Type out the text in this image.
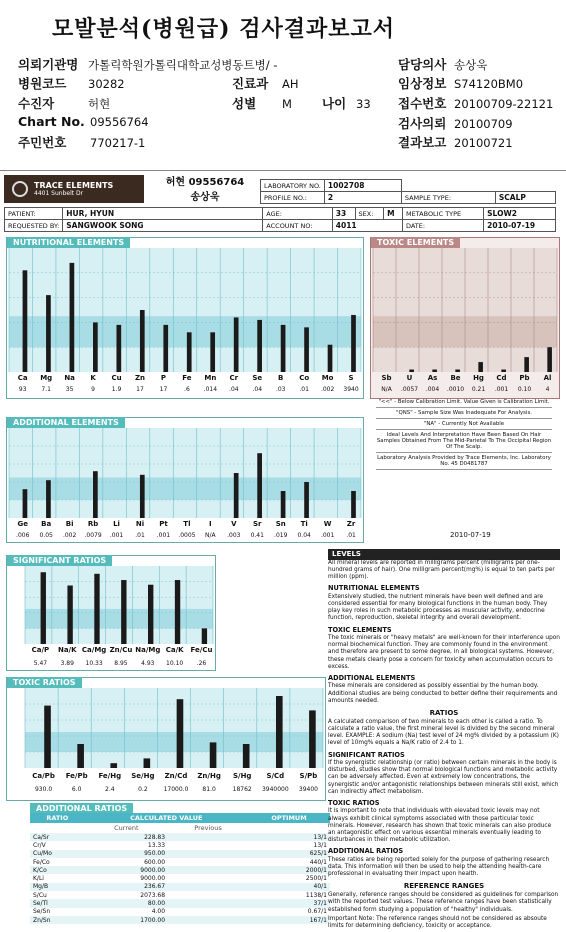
모발분석(병원급) 검사결과보고서
의뢰기관명 가톨릭학원가톨릭대학교성병동트병/ -	담당의사 송상욱
병원코드 30282	진료과 AH	임상정보 S74120BM0
수진자	허현	성별 M 나이 33 접수번호 20100709-22121
Chart No. 09556764	검사의뢰 20100709
주민번호 770217-1	결과보고 20100721
TRACE ELEMENTS
4401 Sunbelt Dr
허현 09556764
송상욱
LABORATORY NO.	1002708		
PROFILE NO.:	2	SAMPLE TYPE:	SCALP
PATIENT:	HUR, HYUN	AGE:	33	SEX:	M	METABOLIC TYPE	SLOW2
REQUESTED BY:	SANGWOOK SONG	ACCOUNT NO:	4011			DATE:	2010-07-19
NUTRITIONAL ELEMENTS
Ca	Mg	Na	K	Cu	Zn	P	Fe	Mn	Cr	Se	B	Co	Mo	S
93	7.1	35	9	1.9	17	17	.6	.014	.04	.04	.03	.01	.002	3940
TOXIC ELEMENTS
Sb	U	As	Be	Hg	Cd	Pb	Al
N/A	.0057	.004	.0010	0.21	.001	0.10	4
ADDITIONAL ELEMENTS
Ge	Ba	Bi	Rb	Li	Ni	Pt	Tl	I	V	Sr	Sn	Ti	W	Zr
.006	0.05	.002	.0079	.001	.01	.001	.0005	N/A	.003	0.41	.019	0.04	.001	.01
"<<" - Below Calibration Limit. Value Given is Calibration Limit.
"QNS" - Sample Size Was Inadequate For Analysis.
"NA" - Currently Not Available
Ideal Levels And Interpretation Have Been Based On Hair Samples Obtained From The Mid-Parietal To The Occipital Region Of The Scalp.
Laboratory Analysis Provided by Trace Elements, Inc. Laboratory No. 45 D0481787
2010-07-19
SIGNIFICANT RATIOS
Ca/P	Na/K Ca/Mg Zn/Cu Na/Mg Ca/K Fe/Cu
5.47	3.89	10.33	8.95	4.93	10.10	.26
TOXIC RATIOS
Ca/Pb	Fe/Pb	Fe/Hg	Se/Hg	Zn/Cd	Zn/Hg	S/Hg	S/Cd	S/Pb
930.0	6.0	2.4	0.2	17000.0	81.0	18762	3940000	39400
ADDITIONAL RATIOS
RATIO	CALCULATED VALUE		OPTIMUM
	Current	Previous	
Ca/Sr	228.83		13/1
Cr/V	13.33		13/1
Cu/Mo	950.00		625/1
Fe/Co	600.00		440/1
K/Co	9000.00		2000/1
K/Li	9000.00		2500/1
Mg/B	236.67		40/1
S/Cu	2073.68		1138/1
Se/Tl	80.00		37/1
Se/Sn	4.00		0.67/1
Zn/Sn	1700.00		167/1
LEVELS

All mineral levels are reported in milligrams percent (milligrams per one-hundred grams of hair). One milligram percent(mg%) is equal to ten parts per million (ppm).

NUTRITIONAL ELEMENTS

Extensively studied, the nutrient minerals have been well defined and are considered essential for many biological functions in the human body. They play key roles in such metabolic processes as muscular activity, endocrine function, reproduction, skeletal integrity and overall development.

TOXIC ELEMENTS

The toxic minerals or "heavy metals" are well-known for their interference upon normal biochemical function. They are commonly found in the environment and therefore are present to some degree, in all biological systems. However, these metals clearly pose a concern for toxicity when accumulation occurs to excess.

ADDITIONAL ELEMENTS

These minerals are considered as possibly essential by the human body. Additional studies are being conducted to better define their requirements and amounts needed.

RATIOS

A calculated comparison of two minerals to each other is called a ratio. To calculate a ratio value, the first mineral level is divided by the second mineral level. EXAMPLE: A sodium (Na) test level of 24 mg% divided by a potassium (K) level of 10mg% equals a Na/K ratio of 2.4 to 1.

SIGNIFICANT RATIOS

If the synergistic relationship (or ratio) between certain minerals in the body is disturbed, studies show that normal biological functions and metabolic activity can be adversely affected. Even at extremely low concentrations, the synergistic and/or antagonistic relationships between minerals still exist, which can indirectly affect metabolism.

TOXIC RATIOS

It is important to note that individuals with elevated toxic levels may not always exhibit clinical symptoms associated with those particular toxic minerals. However, research has shown that toxic minerals can also produce an antagonistic effect on various essential minerals eventually leading to disturbances in their metabolic utilization.

ADDITIONAL RATIOS

These ratios are being reported solely for the purpose of gathering research data. This information will then be used to help the attending health-care professional in evaluating their impact upon health.

REFERENCE RANGES

Generally, reference ranges should be considered as guidelines for comparison with the reported test values. These reference ranges have been statistically established form studying a population of "healthy" individuals.

Important Note: The reference ranges should not be considered as absoute limits for determining deficiency, toxicity or acceptance.
